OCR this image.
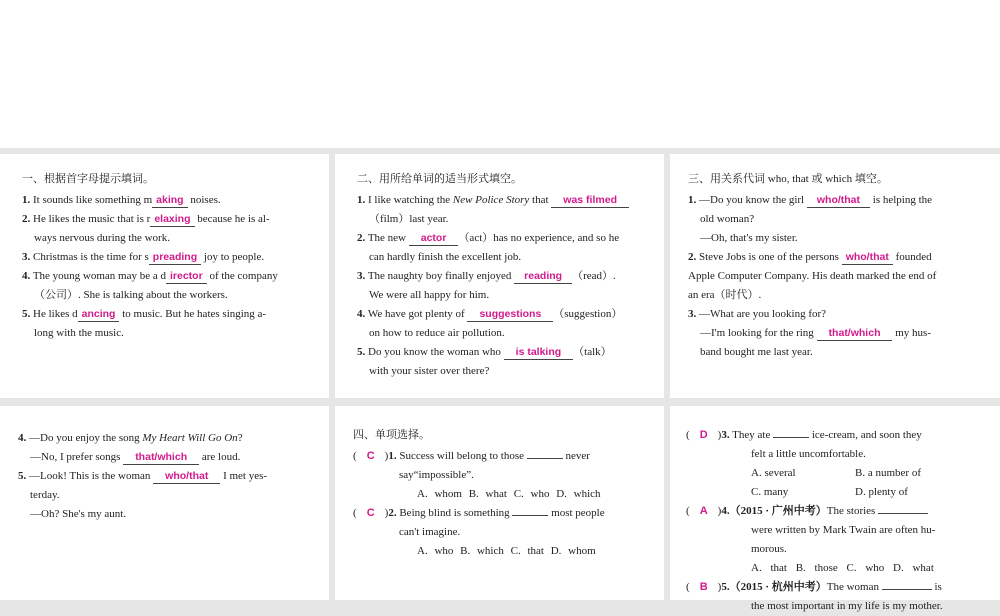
一、根据首字母提示填词。
1. It sounds like something m aking noises.
2. He likes the music that is r elaxing because he is al-
ways nervous during the work.
3. Christmas is the time for s preading joy to people.
4. The young woman may be a d irector of the company
（公司）. She is talking about the workers.
5. He likes d ancing to music. But he hates singing a-
long with the music.
二、用所给单词的适当形式填空。
1. I like watching the New Police Story that was filmed
（film）last year.
2. The new actor （act）has no experience, and so he
can hardly finish the excellent job.
3. The naughty boy finally enjoyed reading （read）.
We were all happy for him.
4. We have got plenty of suggestions （suggestion）
on how to reduce air pollution.
5. Do you know the woman who is talking （talk）
with your sister over there?
三、用关系代词 who, that 或 which 填空。
1. —Do you know the girl who/that is helping the
old woman?
—Oh, that's my sister.
2. Steve Jobs is one of the persons who/that founded
Apple Computer Company. His death marked the end of
an era（时代）.
3. —What are you looking for?
—I'm looking for the ring that/which my hus-
band bought me last year.
4. —Do you enjoy the song My Heart Will Go On?
—No, I prefer songs that/which are loud.
5. —Look! This is the woman who/that I met yes-
terday.
—Oh? She's my aunt.
四、单项选择。
( C )1. Success will belong to those	never
say“impossible”.
A. whom B. what C. who D. which
( C )2. Being blind is something	most people
can't imagine.
A. who B. which C. that D. whom
( D )3. They ate	ice-cream, and soon they
felt a little uncomfortable.
A. several	B. a number of
C. many	D. plenty of
( A )4.（2015 · 广州中考）The stories
were written by Mark Twain are often hu-
morous.
A. that B. those C. who D. what
( B )5.（2015 · 杭州中考）The woman	is
the most important in my life is my mother.
